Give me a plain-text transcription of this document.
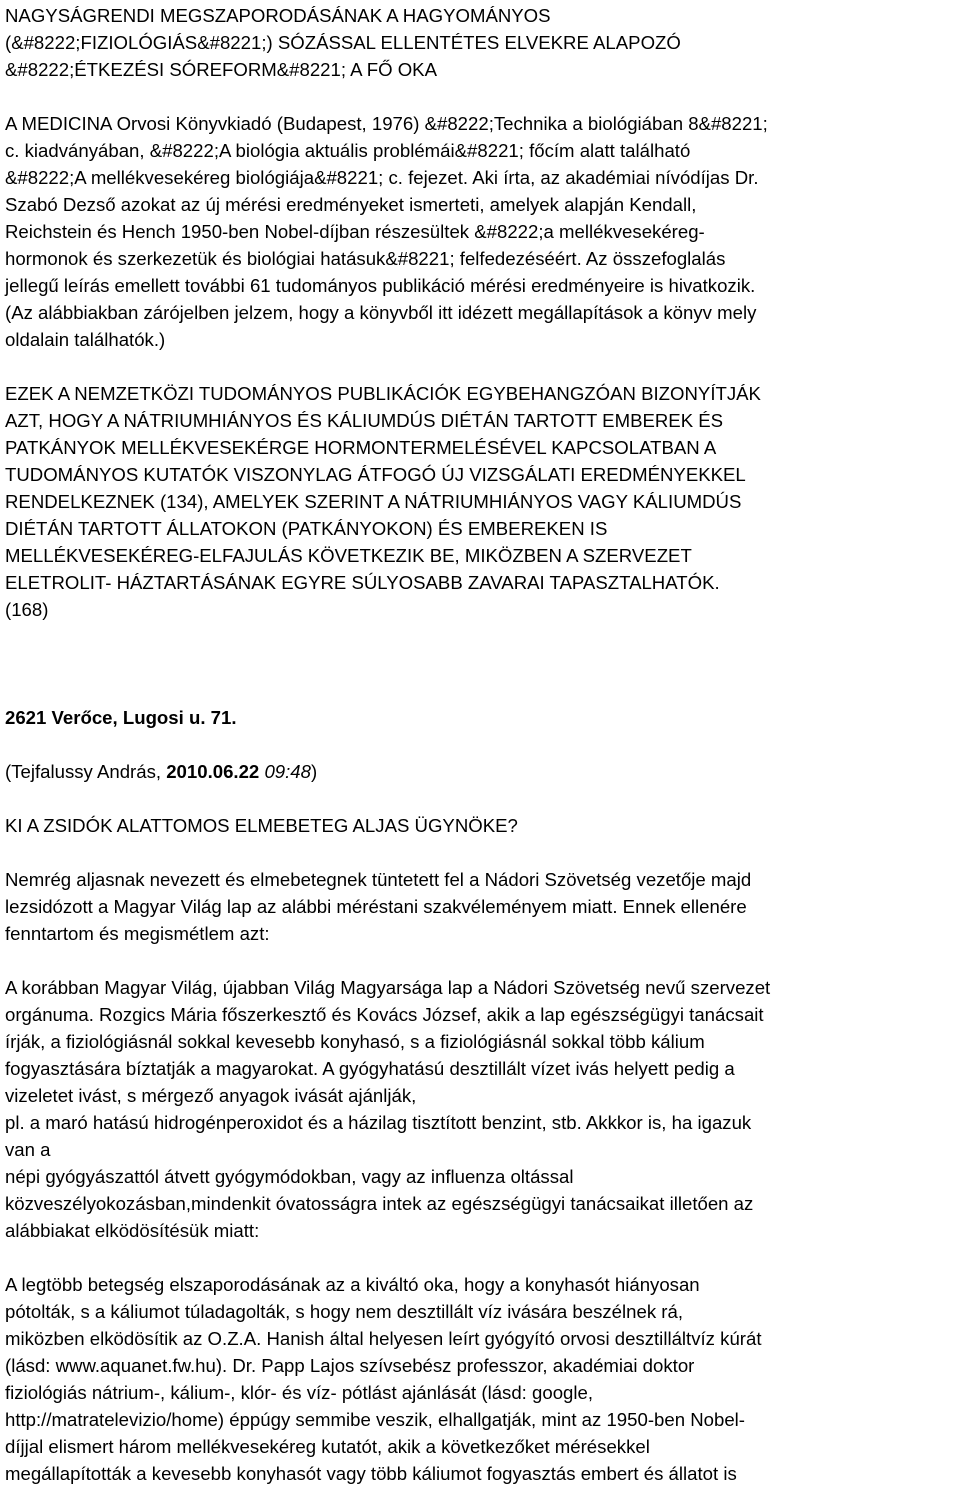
NAGYSÁGRENDI MEGSZAPORODÁSÁNAK A HAGYOMÁNYOS
(&#8222;FIZIOLÓGIÁS&#8221;) SÓZÁSSAL ELLENTÉTES ELVEKRE ALAPOZÓ
&#8222;ÉTKEZÉSI SÓREFORM&#8221; A FŐ OKA
A MEDICINA Orvosi Könyvkiadó (Budapest, 1976) &#8222;Technika a biológiában 8&#8221;
c. kiadványában, &#8222;A biológia aktuális problémái&#8221; főcím alatt található
&#8222;A mellékvesekéreg biológiája&#8221; c. fejezet. Aki írta, az akadémiai nívódíjas Dr.
Szabó Dezső azokat az új mérési eredményeket ismerteti, amelyek alapján Kendall,
Reichstein és Hench 1950-ben Nobel-díjban részesültek &#8222;a mellékvesekéreg-
hormonok és szerkezetük és biológiai hatásuk&#8221; felfedezéséért. Az összefoglalás
jellegű leírás emellett további 61 tudományos publikáció mérési eredményeire is hivatkozik.
(Az alábbiakban zárójelben jelzem, hogy a könyvből itt idézett megállapítások a könyv mely
oldalain találhatók.)
EZEK A NEMZETKÖZI TUDOMÁNYOS PUBLIKÁCIÓK EGYBEHANGZÓAN BIZONYÍTJÁK
AZT, HOGY A NÁTRIUMHIÁNYOS ÉS KÁLIUMDÚS DIÉTÁN TARTOTT EMBEREK ÉS
PATKÁNYOK MELLÉKVESEKÉRGE HORMONTERMELÉSÉVEL KAPCSOLATBAN A
TUDOMÁNYOS KUTATÓK VISZONYLAG ÁTFOGÓ ÚJ VIZSGÁLATI EREDMÉNYEKKEL
RENDELKEZNEK (134), AMELYEK SZERINT A NÁTRIUMHIÁNYOS VAGY KÁLIUMDÚS
DIÉTÁN TARTOTT ÁLLATOKON (PATKÁNYOKON) ÉS EMBEREKEN IS
MELLÉKVESEKÉREG-ELFAJULÁS KÖVETKEZIK BE, MIKÖZBEN A SZERVEZET
ELETROLIT- HÁZTARTÁSÁNAK EGYRE SÚLYOSABB ZAVARAI TAPASZTALHATÓK.
(168)
2621 Verőce, Lugosi u. 71.
(Tejfalussy András, 2010.06.22 09:48)
KI A ZSIDÓK ALATTOMOS ELMEBETEG ALJAS ÜGYNÖKE?
Nemrég aljasnak nevezett és elmebetegnek tüntetett fel a Nádori Szövetség vezetője majd
lezsidózott a Magyar Világ lap az alábbi méréstani szakvéleményem miatt. Ennek ellenére
fenntartom és megismétlem azt:
A korábban Magyar Világ, újabban Világ Magyarsága lap a Nádori Szövetség nevű szervezet
orgánuma. Rozgics Mária főszerkesztő és Kovács József, akik a lap egészségügyi tanácsait
írják, a fiziológiásnál sokkal kevesebb konyhasó, s a fiziológiásnál sokkal több kálium
fogyasztására bíztatják a magyarokat. A gyógyhatású desztillált vízet ivás helyett pedig a
vizeletet ivást, s mérgező anyagok ivását ajánlják,
pl. a maró hatású hidrogénperoxidot és a házilag tisztított benzint, stb. Akkkor is, ha igazuk
van a
népi gyógyászattól átvett gyógymódokban, vagy az influenza oltással
közveszélyokozásban,mindenkit óvatosságra intek az egészségügyi tanácsaikat illetően az
alábbiakat elködösítésük miatt:
A legtöbb betegség elszaporodásának az a kiváltó oka, hogy a konyhasót hiányosan
pótolták, s a káliumot túladagolták, s hogy nem desztillált víz ivására beszélnek rá,
miközben elködösítik az O.Z.A. Hanish által helyesen leírt gyógyító orvosi desztilláltvíz kúrát
(lásd: www.aquanet.fw.hu). Dr. Papp Lajos szívsebész professzor, akadémiai doktor
fiziológiás nátrium-, kálium-, klór- és víz- pótlást ajánlását (lásd: google,
http://matratelevizio/home) éppúgy semmibe veszik, elhallgatják, mint az 1950-ben Nobel-
díjjal elismert három mellékvesekéreg kutatót, akik a következőket mérésekkel
megállapították a kevesebb konyhasót vagy több káliumot fogyasztás embert és állatot is
